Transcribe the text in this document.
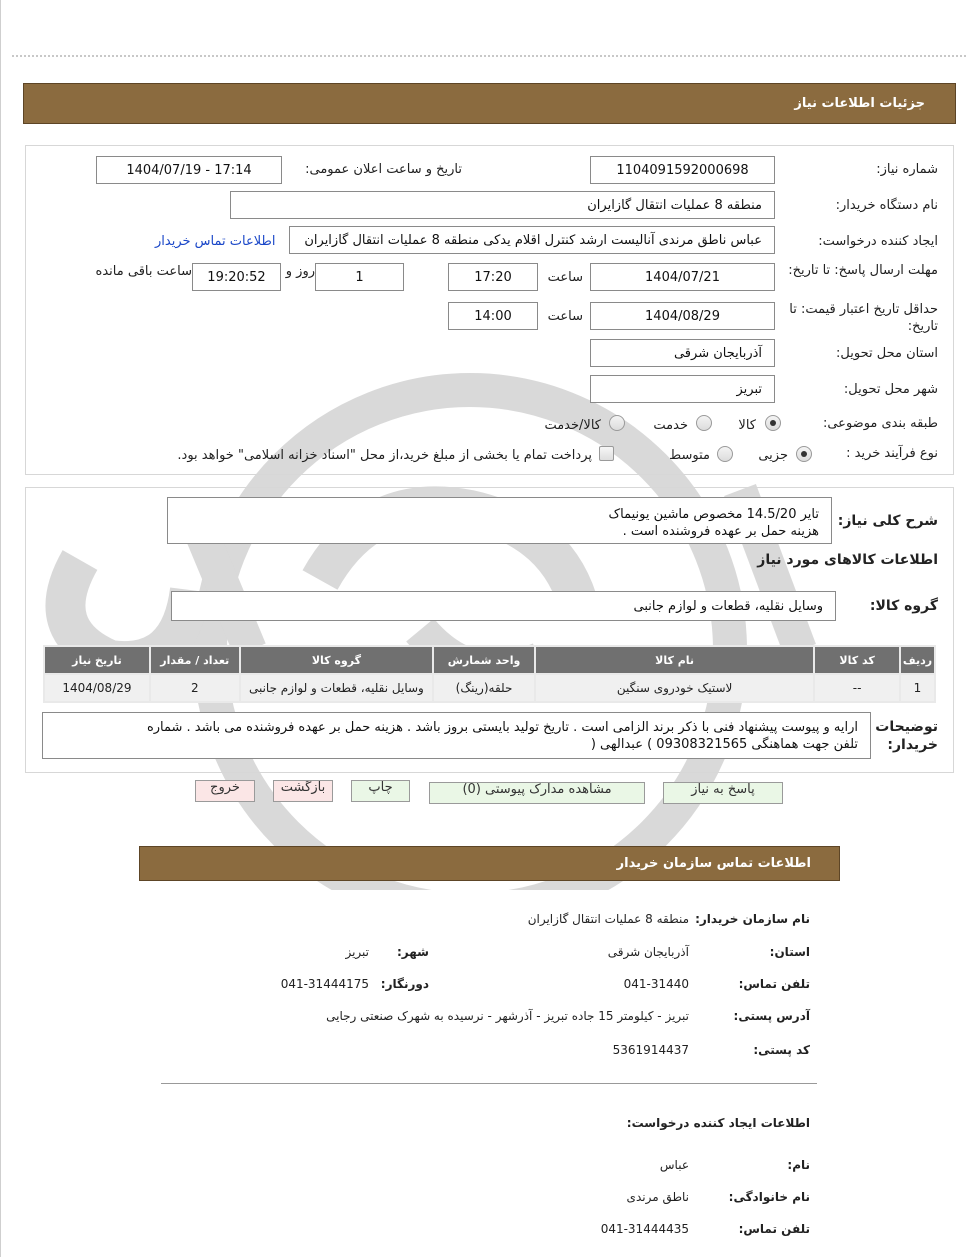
جزئيات اطلاعات نیاز
شماره نیاز:
1104091592000698
تاریخ و ساعت اعلان عمومی:
1404/07/19 - 17:14
نام دستگاه خریدار:
منطقه 8 عملیات انتقال گازایران
ایجاد کننده درخواست:
عباس ناطق مرندی آنالیست ارشد کنترل اقلام یدکی منطقه 8 عملیات انتقال گازایران
اطلاعات تماس خریدار
مهلت ارسال پاسخ: تا تاریخ:
1404/07/21
ساعت
17:20
1
روز و
19:20:52
ساعت باقی مانده
حداقل تاریخ اعتبار قیمت: تا تاریخ:
1404/08/29
ساعت
14:00
استان محل تحویل:
آذربایجان شرقی
شهر محل تحویل:
تبریز
طبقه بندی موضوعی:
کالا
خدمت
کالا/خدمت
نوع فرآیند خرید :
جزیی
متوسط
پرداخت تمام یا بخشی از مبلغ خرید،از محل "اسناد خزانه اسلامی" خواهد بود.
شرح کلی نیاز:
تایر 14.5/20 مخصوص ماشین یونیماک
هزینه حمل بر عهده فروشنده است .
اطلاعات کالاهای مورد نیاز
گروه کالا:
وسایل نقلیه، قطعات و لوازم جانبی
تاریخ نیاز	تعداد / مقدار	گروه کالا	واحد شمارش	نام کالا	کد کالا	ردیف
1404/08/29	2	وسایل نقلیه، قطعات و لوازم جانبی	حلقه(رینگ)	لاستیک خودروی سنگین	--	1
توضیحات
خریدار:
ارایه و پیوست پیشنهاد فنی با ذکر برند الزامی است . تاریخ تولید بایستی بروز باشد . هزینه حمل بر عهده فروشنده می باشد . شماره
تلفن جهت هماهنگی 09308321565 ) عبدالهی (
پاسخ به نیاز
مشاهده مدارک پیوستی (0)
چاپ
بازگشت
خروج
اطلاعات تماس سازمان خریدار
نام سازمان خریدار:
منطقه 8 عملیات انتقال گازایران
استان:
آذربایجان شرقی
شهر:
تبریز
تلفن تماس:
041-31440
دورنگار:
041-31444175
آدرس پستی:
تبریز - کیلومتر 15 جاده تبریز - آذرشهر - نرسیده به شهرک صنعتی رجایی
کد پستی:
5361914437
اطلاعات ایجاد کننده درخواست:
نام:
عباس
نام خانوادگی:
ناطق مرندی
تلفن تماس:
041-31444435
